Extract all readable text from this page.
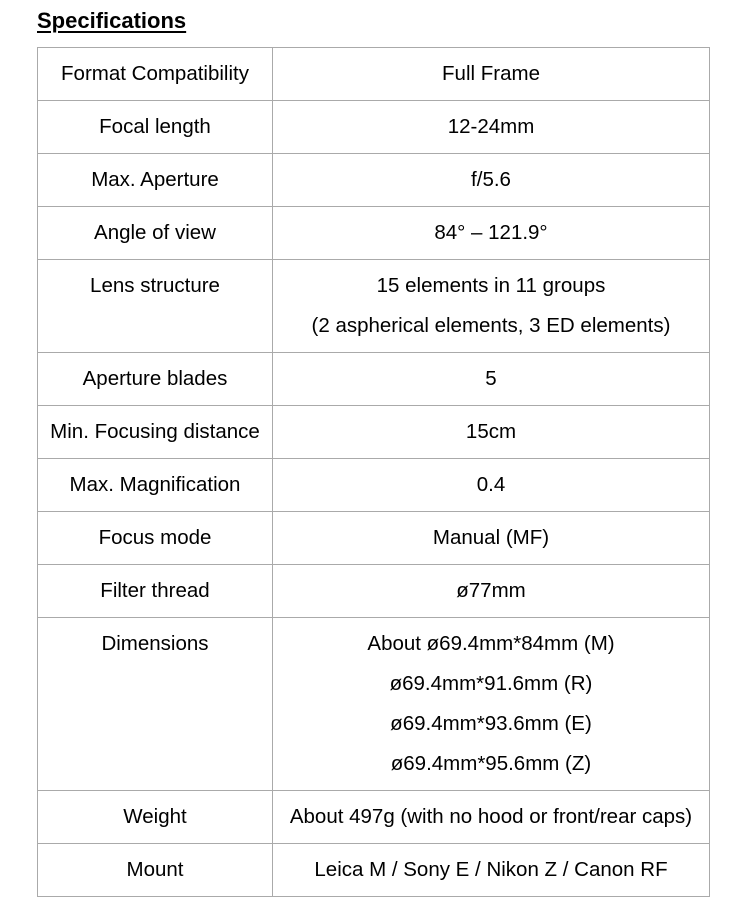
Specifications
Format Compatibility	Full Frame

Focal length	12-24mm

Max. Aperture	f/5.6

Angle of view	84° – 121.9°

Lens structure	15 elements in 11 groups
(2 aspherical elements, 3 ED elements)

Aperture blades	5

Min. Focusing distance	15cm

Max. Magnification	0.4

Focus mode	Manual (MF)

Filter thread	ø77mm

Dimensions	About ø69.4mm*84mm (M)
ø69.4mm*91.6mm (R)
ø69.4mm*93.6mm (E)
ø69.4mm*95.6mm (Z)

Weight	About 497g (with no hood or front/rear caps)

Mount	Leica M / Sony E / Nikon Z / Canon RF
